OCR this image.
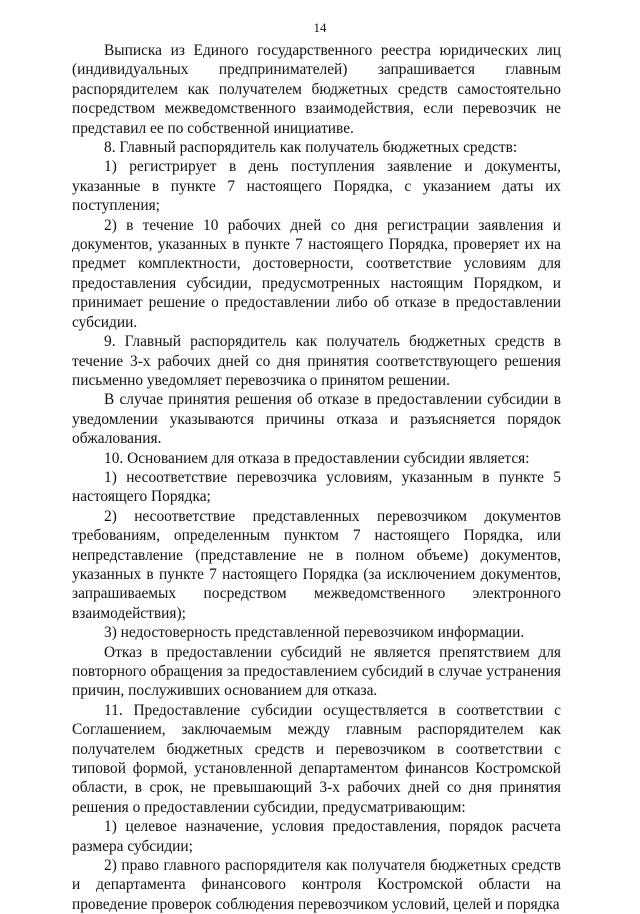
14

Выписка из Единого государственного реестра юридических лиц (индивидуальных предпринимателей) запрашивается главным распорядителем как получателем бюджетных средств самостоятельно посредством межведомственного взаимодействия, если перевозчик не представил ее по собственной инициативе.

8. Главный распорядитель как получатель бюджетных средств:

1) регистрирует в день поступления заявление и документы, указанные в пункте 7 настоящего Порядка, с указанием даты их поступления;

2) в течение 10 рабочих дней со дня регистрации заявления и документов, указанных в пункте 7 настоящего Порядка, проверяет их на предмет комплектности, достоверности, соответствие условиям для предоставления субсидии, предусмотренных настоящим Порядком, и принимает решение о предоставлении либо об отказе в предоставлении субсидии.

9. Главный распорядитель как получатель бюджетных средств в течение 3-х рабочих дней со дня принятия соответствующего решения письменно уведомляет перевозчика о принятом решении.

В случае принятия решения об отказе в предоставлении субсидии в уведомлении указываются причины отказа и разъясняется порядок обжалования.

10. Основанием для отказа в предоставлении субсидии является:

1) несоответствие перевозчика условиям, указанным в пункте 5 настоящего Порядка;

2) несоответствие представленных перевозчиком документов требованиям, определенным пунктом 7 настоящего Порядка, или непредставление (представление не в полном объеме) документов, указанных в пункте 7 настоящего Порядка (за исключением документов, запрашиваемых посредством межведомственного электронного взаимодействия);

3) недостоверность представленной перевозчиком информации.

Отказ в предоставлении субсидий не является препятствием для повторного обращения за предоставлением субсидий в случае устранения причин, послуживших основанием для отказа.

11. Предоставление субсидии осуществляется в соответствии с Соглашением, заключаемым между главным распорядителем как получателем бюджетных средств и перевозчиком в соответствии с типовой формой, установленной департаментом финансов Костромской области, в срок, не превышающий 3-х рабочих дней со дня принятия решения о предоставлении субсидии, предусматривающим:

1) целевое назначение, условия предоставления, порядок расчета размера субсидии;

2) право главного распорядителя как получателя бюджетных средств и департамента финансового контроля Костромской области на проведение проверок соблюдения перевозчиком условий, целей и порядка
